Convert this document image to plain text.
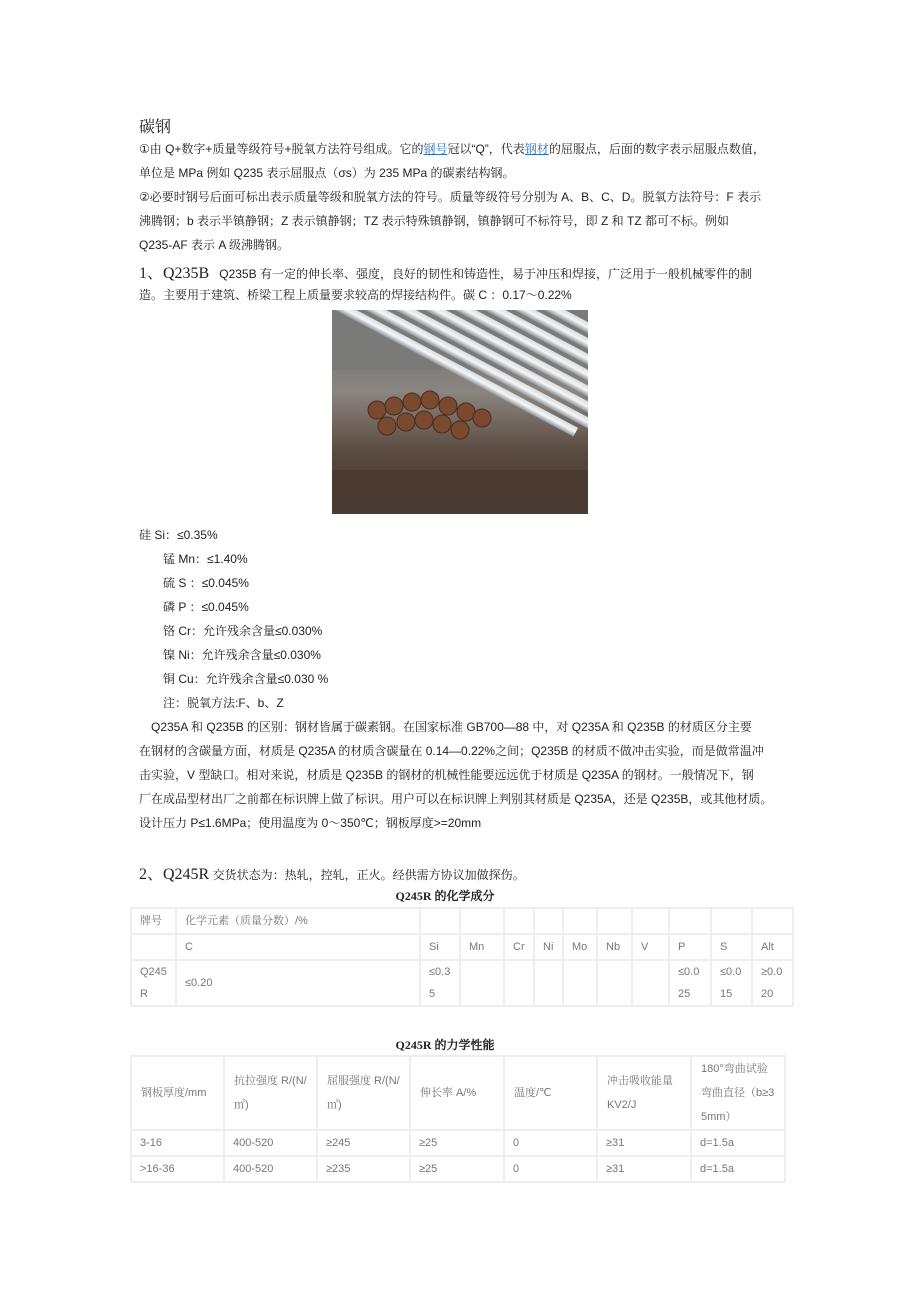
碳钢
①由 Q+数字+质量等级符号+脱氧方法符号组成。它的钢号冠以“Q”，代表钢材的屈服点，后面的数字表示屈服点数值，
单位是 MPa 例如 Q235 表示屈服点（σs）为 235 MPa 的碳素结构钢。
②必要时钢号后面可标出表示质量等级和脱氧方法的符号。质量等级符号分别为 A、B、C、D。脱氧方法符号：F 表示
沸腾钢；b 表示半镇静钢；Z 表示镇静钢；TZ 表示特殊镇静钢，镇静钢可不标符号，即 Z 和 TZ 都可不标。例如
Q235-AF 表示 A 级沸腾钢。
1、Q235B Q235B 有一定的伸长率、强度，良好的韧性和铸造性，易于冲压和焊接，广泛用于一般机械零件的制
造。主要用于建筑、桥梁工程上质量要求较高的焊接结构件。碳 C ：0.17～0.22%
硅 Si：≤0.35%
锰 Mn：≤1.40%
硫 S ：≤0.045%
磷 P ：≤0.045%
铬 Cr：允许残余含量≤0.030%
镍 Ni：允许残余含量≤0.030%
铜 Cu：允许残余含量≤0.030 %
注：脱氧方法:F、b、Z
Q235A 和 Q235B 的区别：钢材皆属于碳素钢。在国家标准 GB700—88 中，对 Q235A 和 Q235B 的材质区分主要
在钢材的含碳量方面，材质是 Q235A 的材质含碳量在 0.14—0.22%之间；Q235B 的材质不做冲击实验，而是做常温冲
击实验，V 型缺口。相对来说，材质是 Q235B 的钢材的机械性能要远远优于材质是 Q235A 的钢材。一般情况下，钢
厂在成品型材出厂之前都在标识牌上做了标识。用户可以在标识牌上判别其材质是 Q235A，还是 Q235B，或其他材质。
设计压力 P≤1.6MPa；使用温度为 0～350℃；钢板厚度>=20mm
2、Q245R 交货状态为：热轧，控轧，正火。经供需方协议加做探伤。
Q245R 的化学成分
牌号	化学元素（质量分数）/%										
	C	Si	Mn	Cr	Ni	Mo	Nb	V	P	S	Alt
Q245R	≤0.20	≤0.35							≤0.025	≤0.015	≥0.020
Q245R 的力学性能
钢板厚度/mm	抗拉强度 R/(N/㎡)	屈服强度 R/(N/㎡)	伸长率 A/%	温度/℃	冲击吸收能量 KV2/J	180°弯曲试验弯曲直径（b≥35mm）
3-16	400-520	≥245	≥25	0	≥31	d=1.5a
>16-36	400-520	≥235	≥25	0	≥31	d=1.5a
